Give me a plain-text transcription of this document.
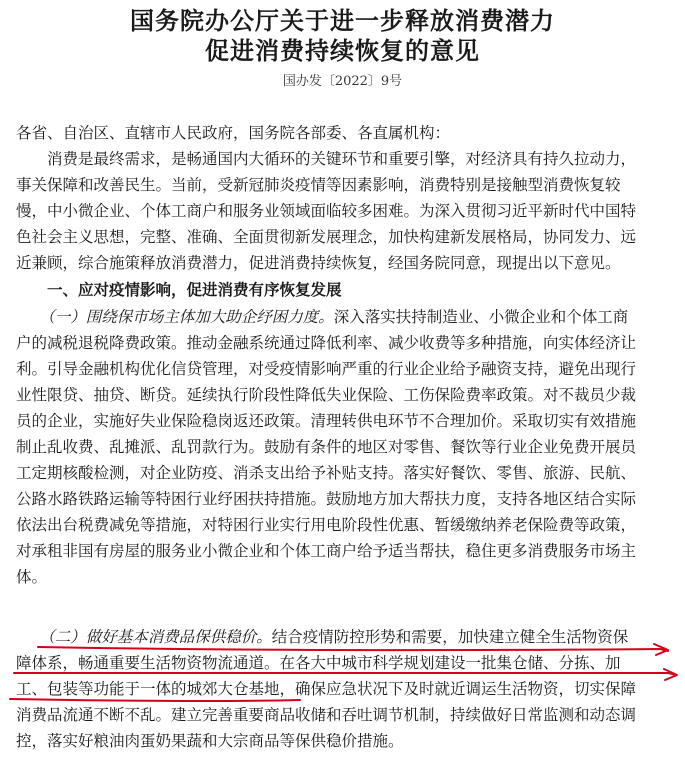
国务院办公厅关于进一步释放消费潜力
促进消费持续恢复的意见
国办发〔2022〕9号
各省、自治区、直辖市人民政府，国务院各部委、各直属机构：
　　消费是最终需求，是畅通国内大循环的关键环节和重要引擎，对经济具有持久拉动力，
事关保障和改善民生。当前，受新冠肺炎疫情等因素影响，消费特别是接触型消费恢复较
慢，中小微企业、个体工商户和服务业领域面临较多困难。为深入贯彻习近平新时代中国特
色社会主义思想，完整、准确、全面贯彻新发展理念，加快构建新发展格局，协同发力、远
近兼顾，综合施策释放消费潜力，促进消费持续恢复，经国务院同意，现提出以下意见。
　　一、应对疫情影响，促进消费有序恢复发展
　　（一）围绕保市场主体加大助企纾困力度。深入落实扶持制造业、小微企业和个体工商
户的减税退税降费政策。推动金融系统通过降低利率、减少收费等多种措施，向实体经济让
利。引导金融机构优化信贷管理，对受疫情影响严重的行业企业给予融资支持，避免出现行
业性限贷、抽贷、断贷。延续执行阶段性降低失业保险、工伤保险费率政策。对不裁员少裁
员的企业，实施好失业保险稳岗返还政策。清理转供电环节不合理加价。采取切实有效措施
制止乱收费、乱摊派、乱罚款行为。鼓励有条件的地区对零售、餐饮等行业企业免费开展员
工定期核酸检测，对企业防疫、消杀支出给予补贴支持。落实好餐饮、零售、旅游、民航、
公路水路铁路运输等特困行业纾困扶持措施。鼓励地方加大帮扶力度，支持各地区结合实际
依法出台税费减免等措施，对特困行业实行用电阶段性优惠、暂缓缴纳养老保险费等政策，
对承租非国有房屋的服务业小微企业和个体工商户给予适当帮扶，稳住更多消费服务市场主
体。
　　（二）做好基本消费品保供稳价。结合疫情防控形势和需要，加快建立健全生活物资保
障体系，畅通重要生活物资物流通道。在各大中城市科学规划建设一批集仓储、分拣、加
工、包装等功能于一体的城郊大仓基地，确保应急状况下及时就近调运生活物资，切实保障
消费品流通不断不乱。建立完善重要商品收储和吞吐调节机制，持续做好日常监测和动态调
控，落实好粮油肉蛋奶果蔬和大宗商品等保供稳价措施。
